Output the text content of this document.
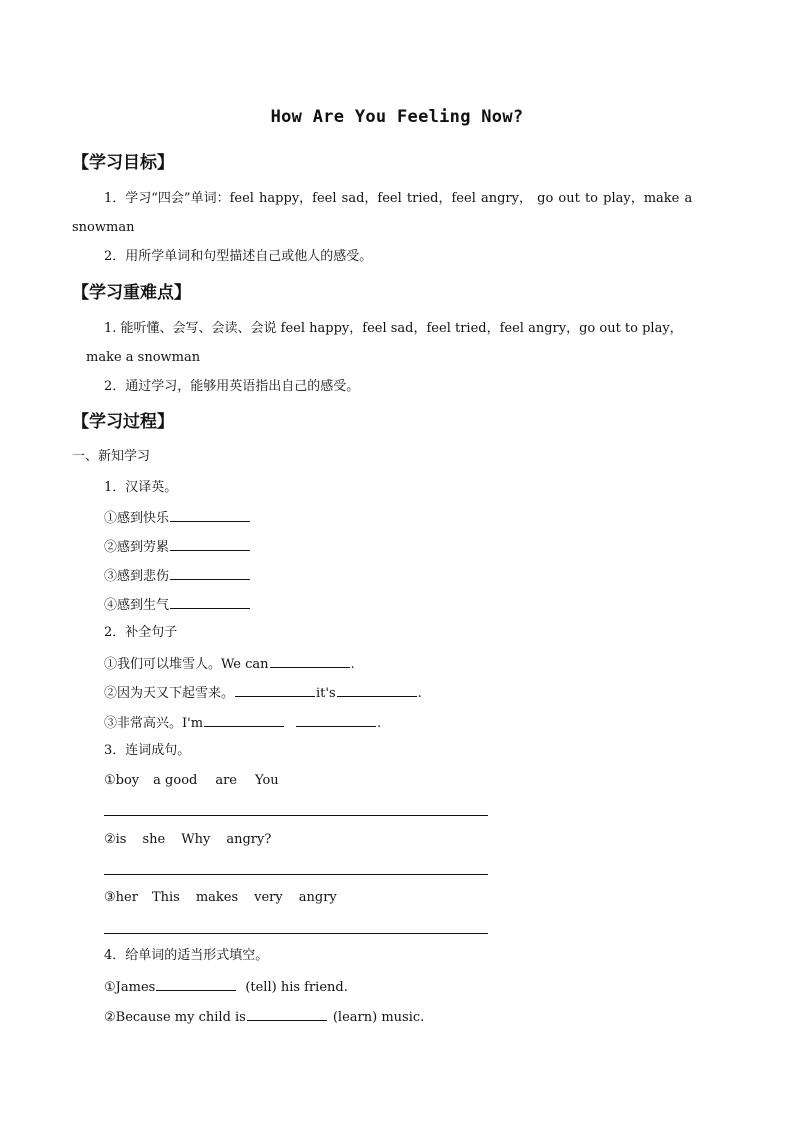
How Are You Feeling Now?
【学习目标】
1．学习“四会”单词：feel happy，feel sad，feel tried，feel angry， go out to play，make a
snowman
2．用所学单词和句型描述自己或他人的感受。
【学习重难点】
1. 能听懂、会写、会读、会说 feel happy，feel sad，feel tried，feel angry，go out to play，
make a snowman
2．通过学习，能够用英语指出自己的感受。
【学习过程】
一、新知学习
1．汉译英。
①感到快乐
②感到劳累
③感到悲伤
④感到生气
2．补全句子
①我们可以堆雪人。We can	.
②因为天又下起雪来。	it's	.
③非常高兴。I'm	.
3．连词成句。
①boy a good are You
②is she Why angry?
③her This makes very angry
4．给单词的适当形式填空。
①James	(tell) his friend.
②Because my child is	(learn) music.
